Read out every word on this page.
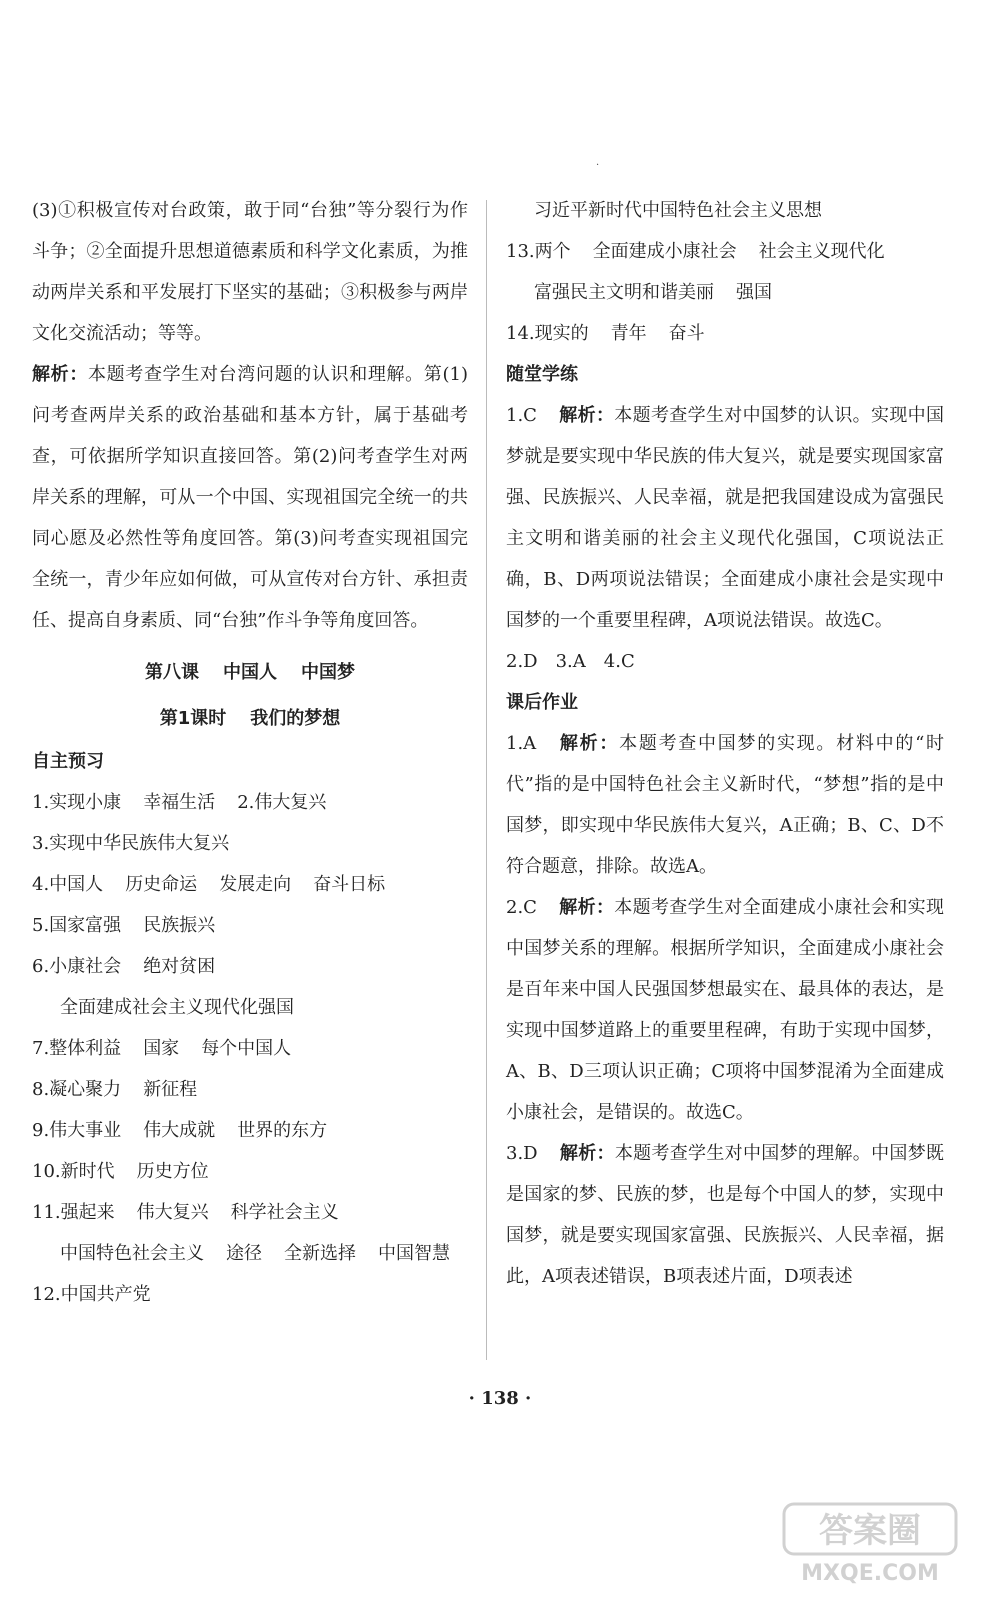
·
(3)①积极宣传对台政策，敢于同“台独”等分裂行为作斗争；②全面提升思想道德素质和科学文化素质，为推动两岸关系和平发展打下坚实的基础；③积极参与两岸文化交流活动；等等。
解析：本题考查学生对台湾问题的认识和理解。第(1)问考查两岸关系的政治基础和基本方针，属于基础考查，可依据所学知识直接回答。第(2)问考查学生对两岸关系的理解，可从一个中国、实现祖国完全统一的共同心愿及必然性等角度回答。第(3)问考查实现祖国完全统一，青少年应如何做，可从宣传对台方针、承担责任、提高自身素质、同“台独”作斗争等角度回答。
第八课 中国人 中国梦
第1课时 我们的梦想
自主预习
1.实现小康 幸福生活 2.伟大复兴
3.实现中华民族伟大复兴
4.中国人 历史命运 发展走向 奋斗日标
5.国家富强 民族振兴
6.小康社会 绝对贫困
全面建成社会主义现代化强国
7.整体利益 国家 每个中国人
8.凝心聚力 新征程
9.伟大事业 伟大成就 世界的东方
10.新时代 历史方位
11.强起来 伟大复兴 科学社会主义
中国特色社会主义 途径 全新选择 中国智慧
12.中国共产党
习近平新时代中国特色社会主义思想
13.两个 全面建成小康社会 社会主义现代化
富强民主文明和谐美丽 强国
14.现实的 青年 奋斗
随堂学练
1.C 解析：本题考查学生对中国梦的认识。实现中国梦就是要实现中华民族的伟大复兴，就是要实现国家富强、民族振兴、人民幸福，就是把我国建设成为富强民主文明和谐美丽的社会主义现代化强国，C项说法正确，B、D两项说法错误；全面建成小康社会是实现中国梦的一个重要里程碑，A项说法错误。故选C。
2.D　3.A　4.C
课后作业
1.A 解析：本题考查中国梦的实现。材料中的“时代”指的是中国特色社会主义新时代，“梦想”指的是中国梦，即实现中华民族伟大复兴，A正确；B、C、D不符合题意，排除。故选A。
2.C 解析：本题考查学生对全面建成小康社会和实现中国梦关系的理解。根据所学知识，全面建成小康社会是百年来中国人民强国梦想最实在、最具体的表达，是实现中国梦道路上的重要里程碑，有助于实现中国梦，A、B、D三项认识正确；C项将中国梦混淆为全面建成小康社会，是错误的。故选C。
3.D 解析：本题考查学生对中国梦的理解。中国梦既是国家的梦、民族的梦，也是每个中国人的梦，实现中国梦，就是要实现国家富强、民族振兴、人民幸福，据此，A项表述错误，B项表述片面，D项表述
· 138 ·
答案圈
MXQE.COM
